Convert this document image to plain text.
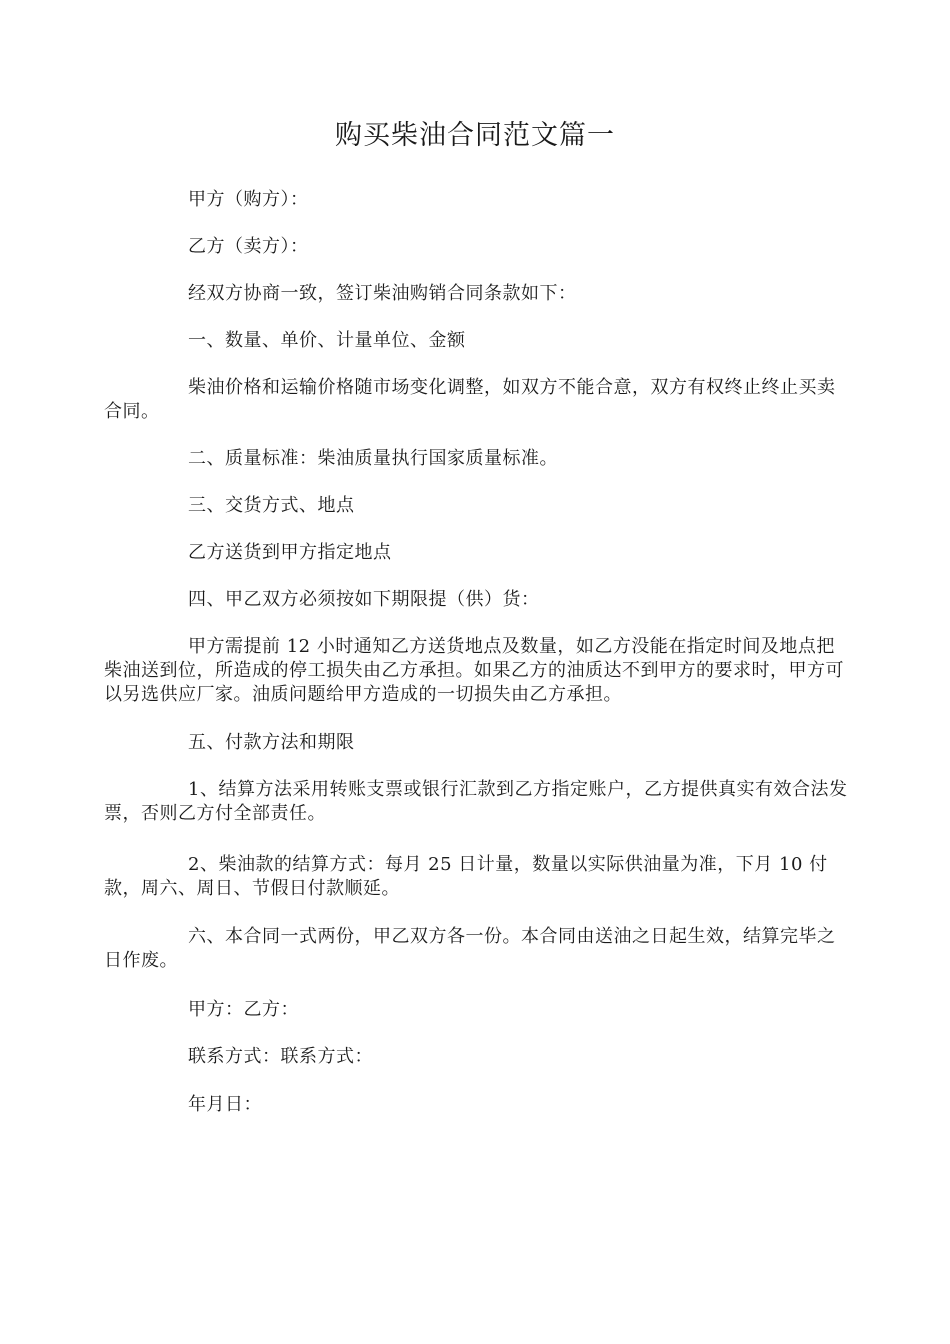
购买柴油合同范文篇一

甲方（购方）：

乙方（卖方）：

经双方协商一致，签订柴油购销合同条款如下：

一、数量、单价、计量单位、金额

柴油价格和运输价格随市场变化调整，如双方不能合意，双方有权终止终止买卖合同。

二、质量标准：柴油质量执行国家质量标准。

三、交货方式、地点

乙方送货到甲方指定地点

四、甲乙双方必须按如下期限提（供）货：

甲方需提前 12 小时通知乙方送货地点及数量，如乙方没能在指定时间及地点把柴油送到位，所造成的停工损失由乙方承担。如果乙方的油质达不到甲方的要求时，甲方可以另选供应厂家。油质问题给甲方造成的一切损失由乙方承担。

五、付款方法和期限

1、结算方法采用转账支票或银行汇款到乙方指定账户，乙方提供真实有效合法发票，否则乙方付全部责任。

2、柴油款的结算方式：每月 25 日计量，数量以实际供油量为准，下月 10 付款，周六、周日、节假日付款顺延。

六、本合同一式两份，甲乙双方各一份。本合同由送油之日起生效，结算完毕之日作废。

甲方：乙方：

联系方式：联系方式：

年月日：
